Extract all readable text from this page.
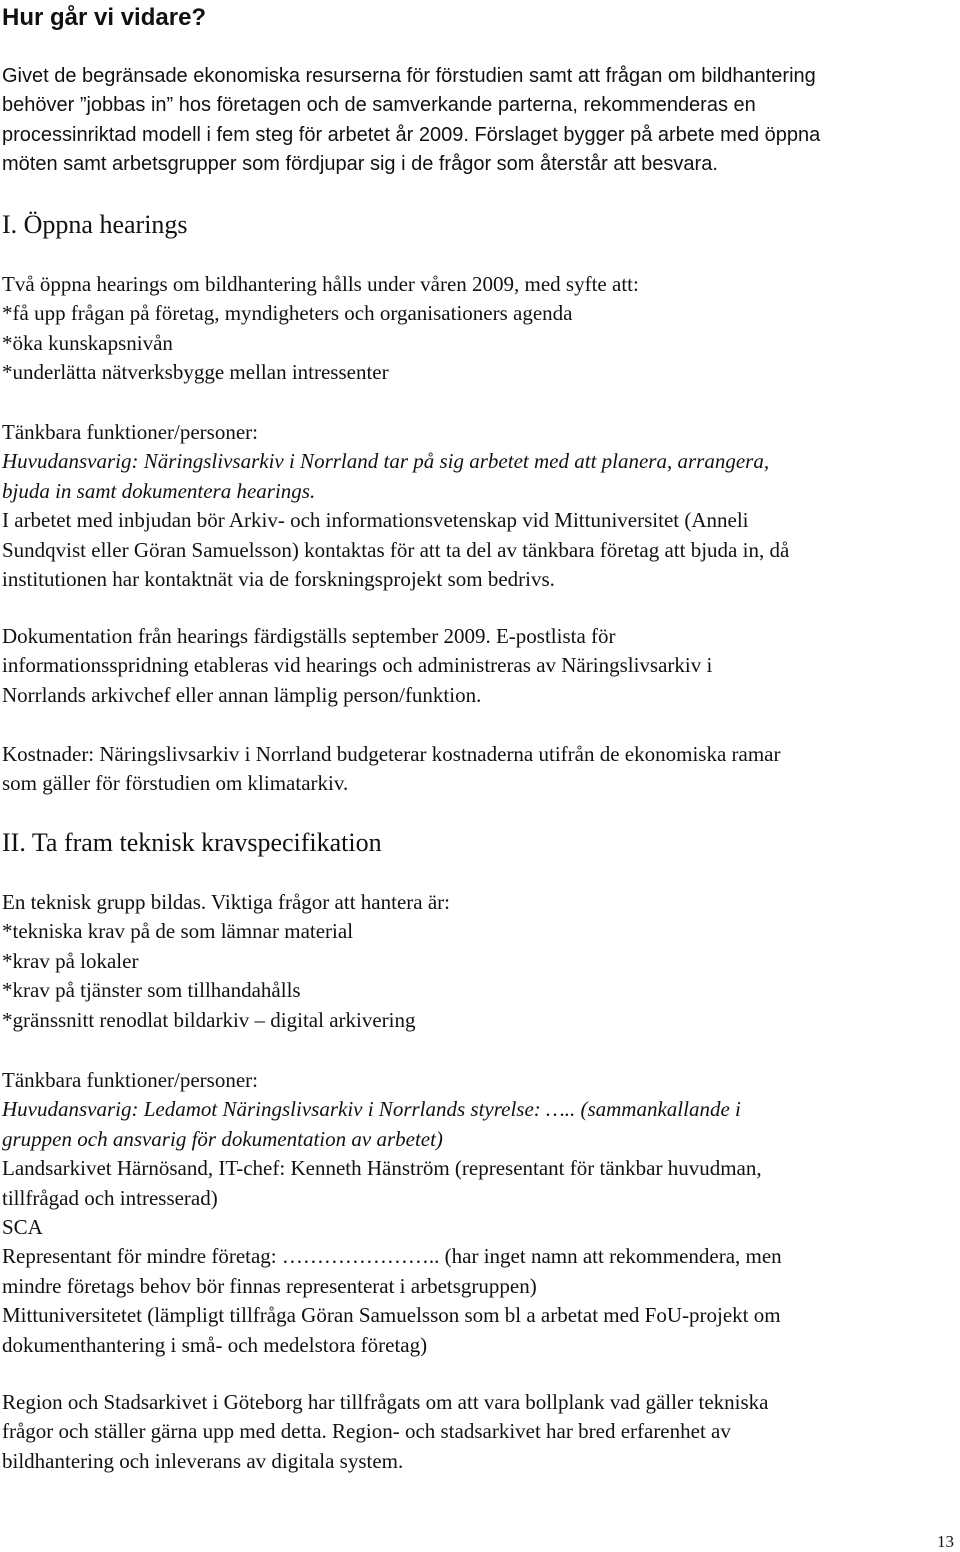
Hur går vi vidare?

Givet de begränsade ekonomiska resurserna för förstudien samt att frågan om bildhantering
behöver ”jobbas in” hos företagen och de samverkande parterna, rekommenderas en
processinriktad modell i fem steg för arbetet år 2009. Förslaget bygger på arbete med öppna
möten samt arbetsgrupper som fördjupar sig i de frågor som återstår att besvara.

I. Öppna hearings

Två öppna hearings om bildhantering hålls under våren 2009, med syfte att:
*få upp frågan på företag, myndigheters och organisationers agenda
*öka kunskapsnivån
*underlätta nätverksbygge mellan intressenter

Tänkbara funktioner/personer:
Huvudansvarig: Näringslivsarkiv i Norrland tar på sig arbetet med att planera, arrangera,
bjuda in samt dokumentera hearings.
I arbetet med inbjudan bör Arkiv- och informationsvetenskap vid Mittuniversitet (Anneli
Sundqvist eller Göran Samuelsson) kontaktas för att ta del av tänkbara företag att bjuda in, då
institutionen har kontaktnät via de forskningsprojekt som bedrivs.

Dokumentation från hearings färdigställs september 2009. E-postlista för
informationsspridning etableras vid hearings och administreras av Näringslivsarkiv i
Norrlands arkivchef eller annan lämplig person/funktion.

Kostnader: Näringslivsarkiv i Norrland budgeterar kostnaderna utifrån de ekonomiska ramar
som gäller för förstudien om klimatarkiv.

II. Ta fram teknisk kravspecifikation

En teknisk grupp bildas. Viktiga frågor att hantera är:
*tekniska krav på de som lämnar material
*krav på lokaler
*krav på tjänster som tillhandahålls
*gränssnitt renodlat bildarkiv – digital arkivering

Tänkbara funktioner/personer:
Huvudansvarig: Ledamot Näringslivsarkiv i Norrlands styrelse: ….. (sammankallande i
gruppen och ansvarig för dokumentation av arbetet)
Landsarkivet Härnösand, IT-chef: Kenneth Hänström (representant för tänkbar huvudman,
tillfrågad och intresserad)
SCA
Representant för mindre företag: ………………….. (har inget namn att rekommendera, men
mindre företags behov bör finnas representerat i arbetsgruppen)
Mittuniversitetet (lämpligt tillfråga Göran Samuelsson som bl a arbetat med FoU-projekt om
dokumenthantering i små- och medelstora företag)

Region och Stadsarkivet i Göteborg har tillfrågats om att vara bollplank vad gäller tekniska
frågor och ställer gärna upp med detta. Region- och stadsarkivet har bred erfarenhet av
bildhantering och inleverans av digitala system.

13
